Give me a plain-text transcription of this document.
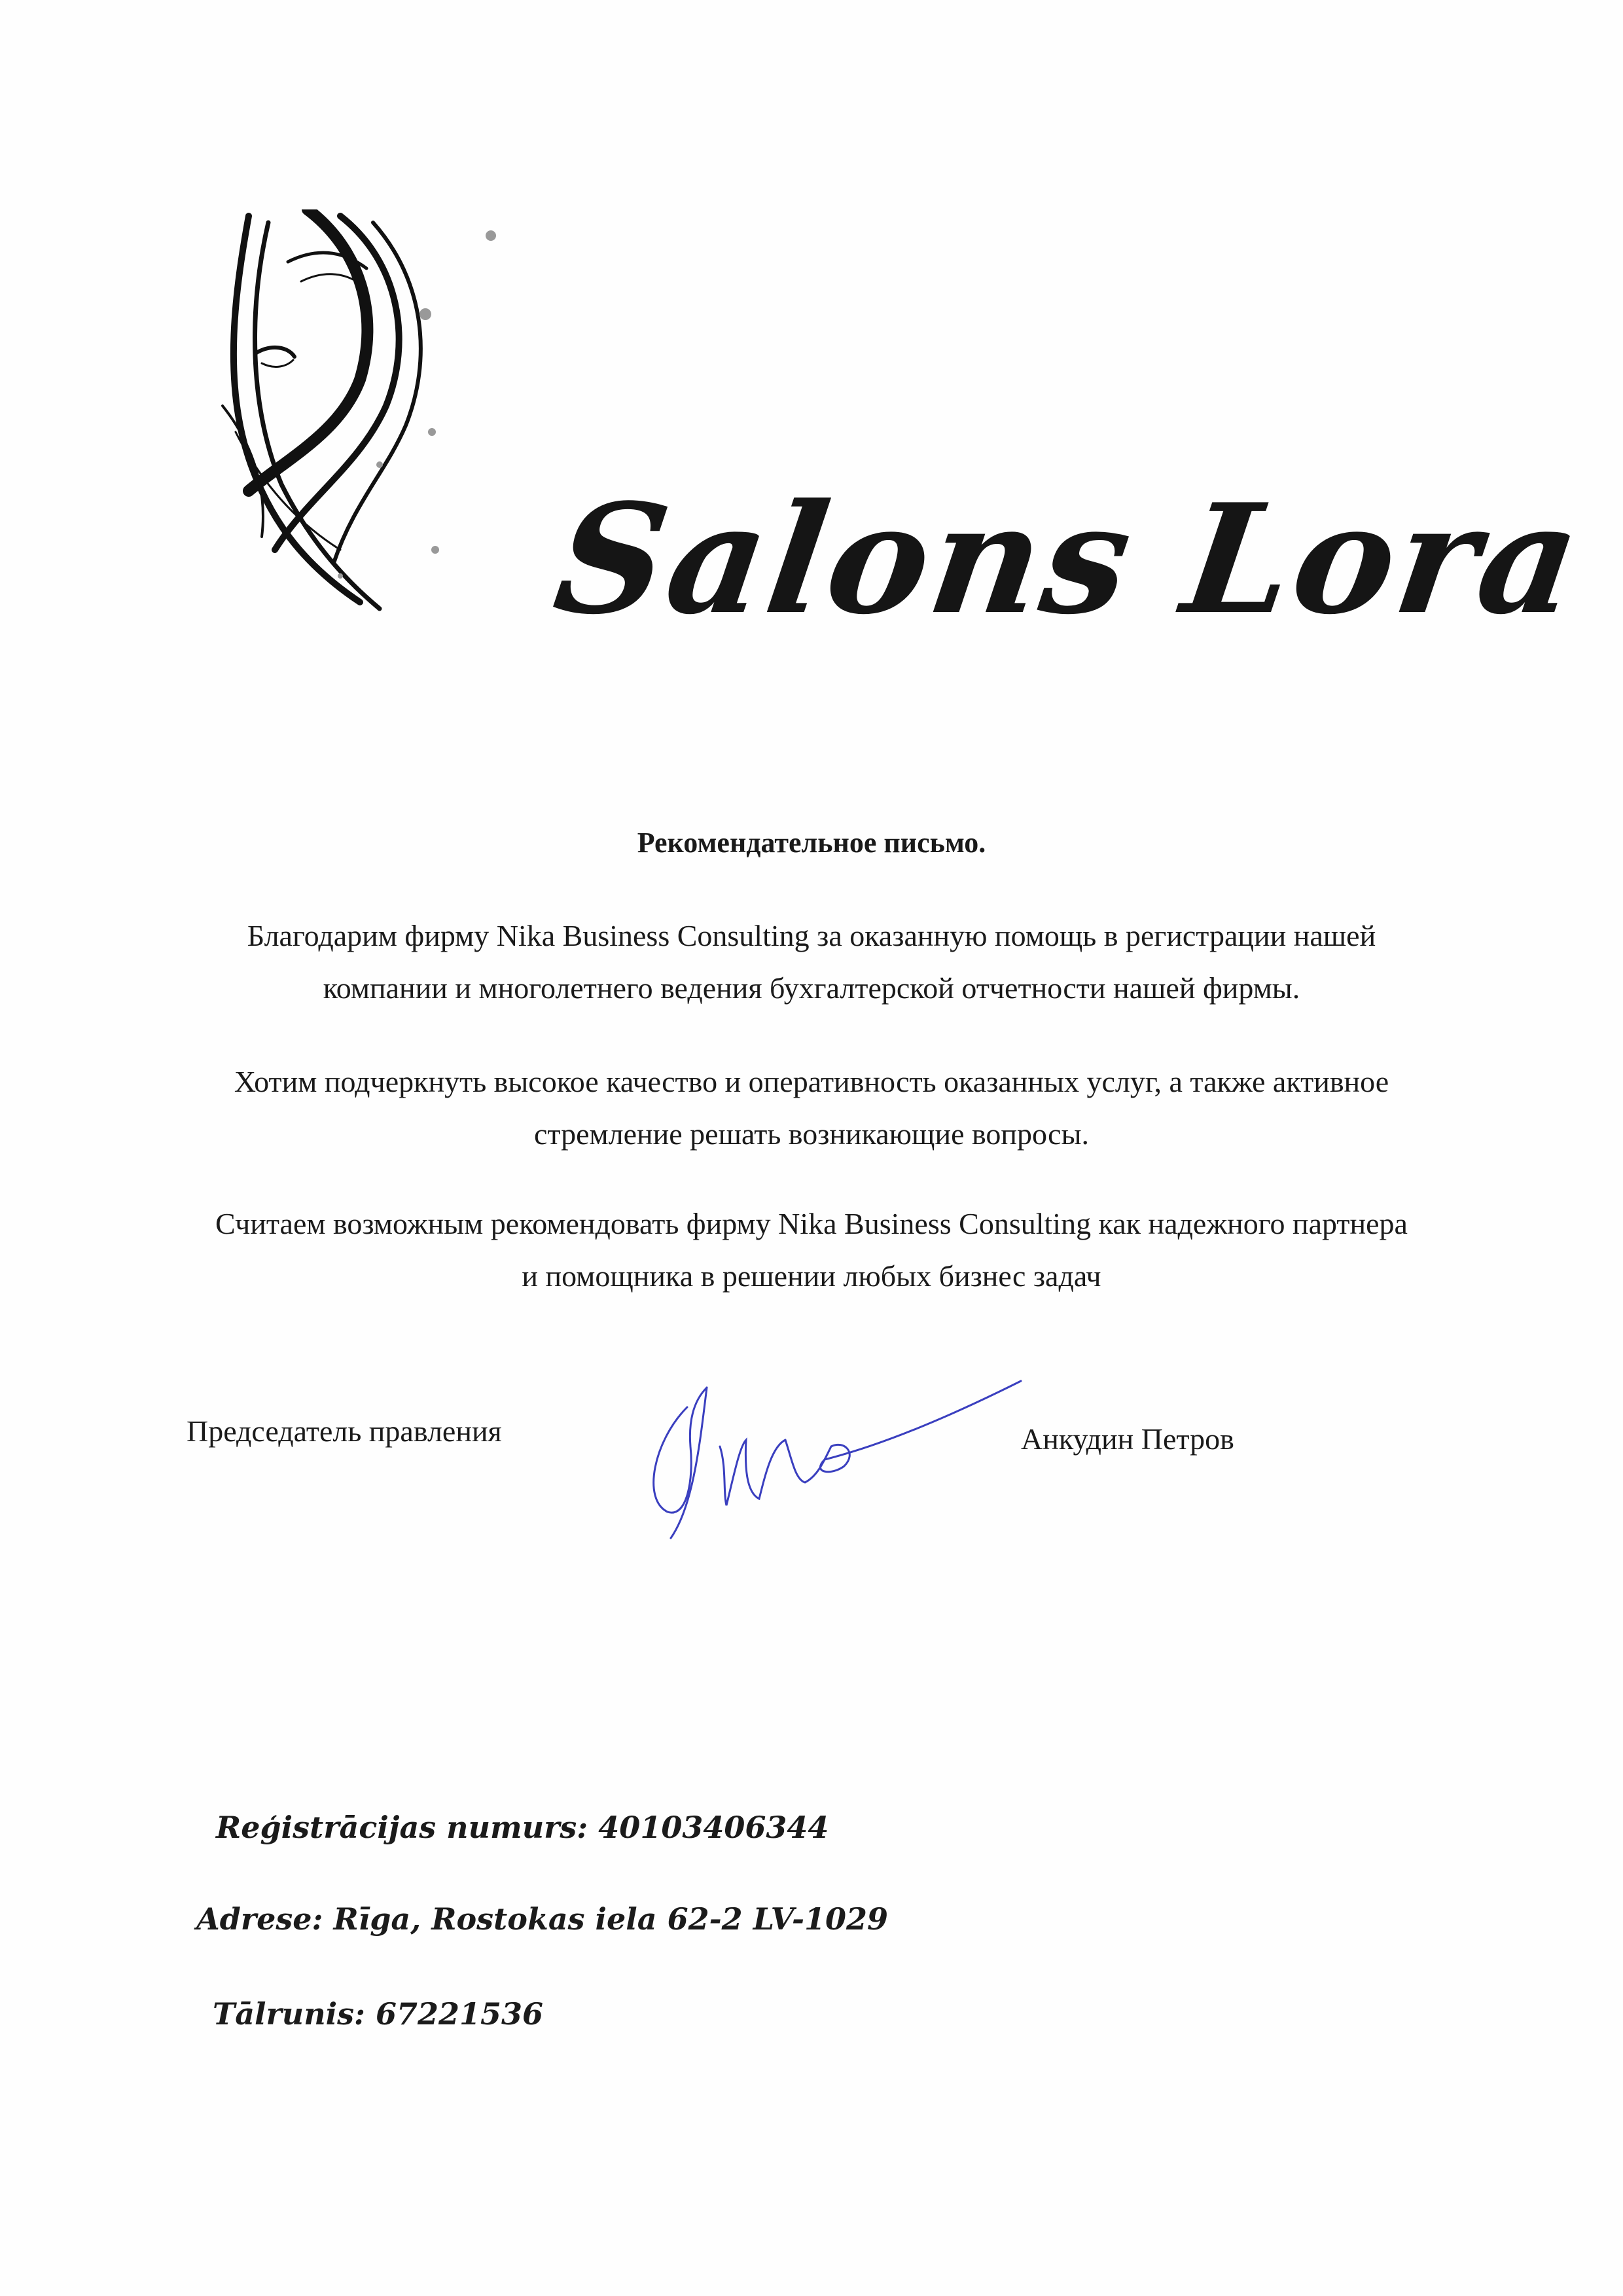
Salons Lora
Рекомендательное письмо.
Благодарим фирму Nika Business Consulting за оказанную помощь в регистрации нашей
компании и многолетнего ведения бухгалтерской отчетности нашей фирмы.
Хотим подчеркнуть высокое качество и оперативность оказанных услуг, а также активное
стремление решать возникающие вопросы.
Считаем возможным рекомендовать фирму Nika Business Consulting как надежного партнера
и помощника в решении любых бизнес задач
Председатель правления	Анкудин Петров
Reģistrācijas numurs: 40103406344
Adrese: Rīga, Rostokas iela 62-2 LV-1029
Tālrunis: 67221536
